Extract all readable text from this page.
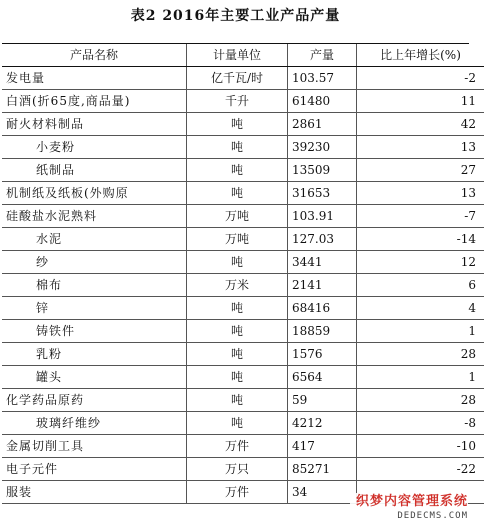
表2 2016年主要工业产品产量
产品名称	计量单位	产量	比上年增长(%)
发电量	亿千瓦/时	103.57	-2
白酒(折65度,商品量)	千升	61480	11
耐火材料制品	吨	2861	42
小麦粉	吨	39230	13
纸制品	吨	13509	27
机制纸及纸板(外购原	吨	31653	13
硅酸盐水泥熟料	万吨	103.91	-7
水泥	万吨	127.03	-14
纱	吨	3441	12
棉布	万米	2141	6
锌	吨	68416	4
铸铁件	吨	18859	1
乳粉	吨	1576	28
罐头	吨	6564	1
化学药品原药	吨	59	28
玻璃纤维纱	吨	4212	-8
金属切削工具	万件	417	-10
电子元件	万只	85271	-22
服装	万件	34	
织梦内容管理系统
DEDECMS.COM
